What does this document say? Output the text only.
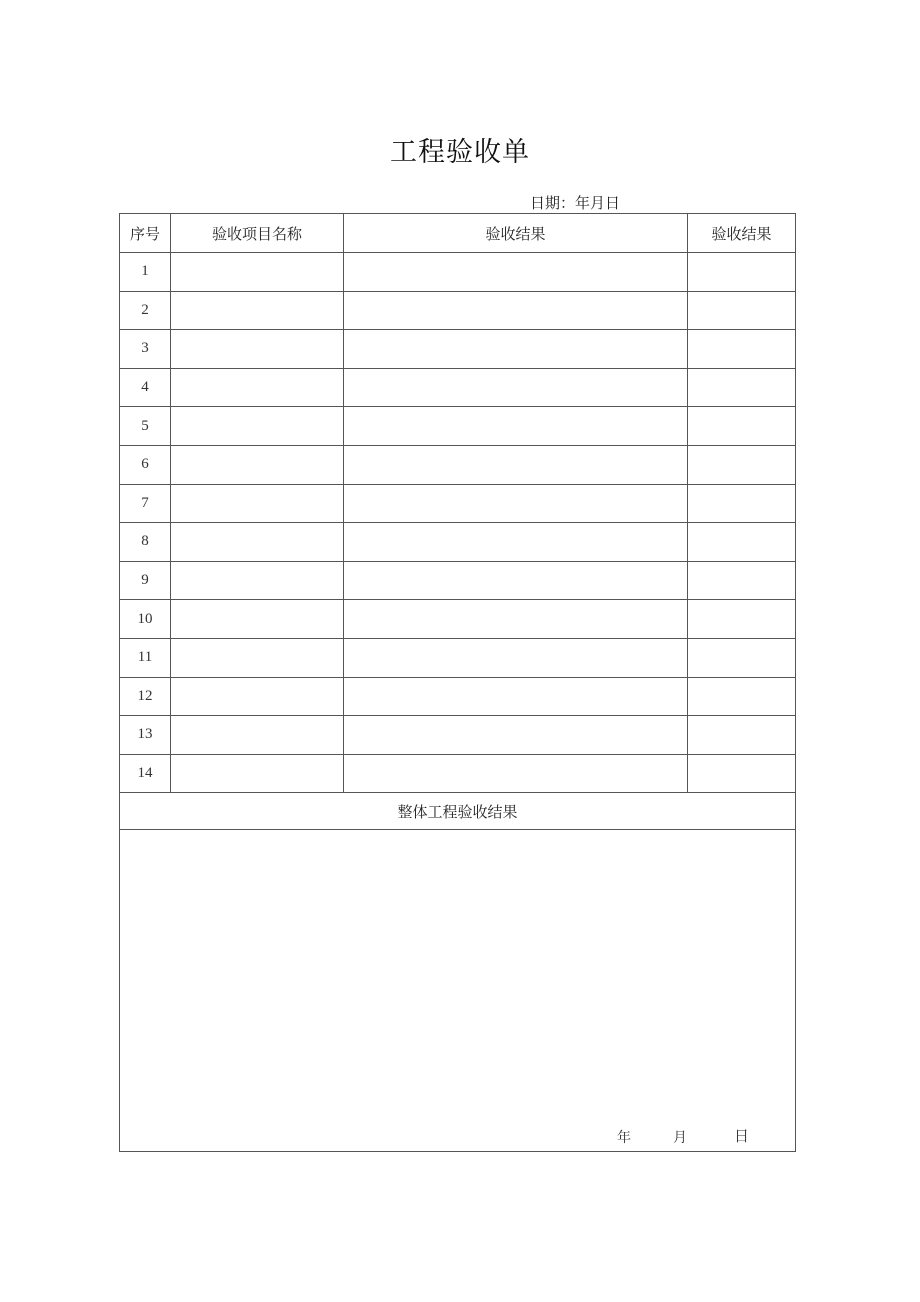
工程验收单
日期：年月日
序号	验收项目名称	验收结果	验收结果
1			
2			
3			
4			
5			
6			
7			
8			
9			
10			
11			
12			
13			
14			
整体工程验收结果			

年 月 日			
